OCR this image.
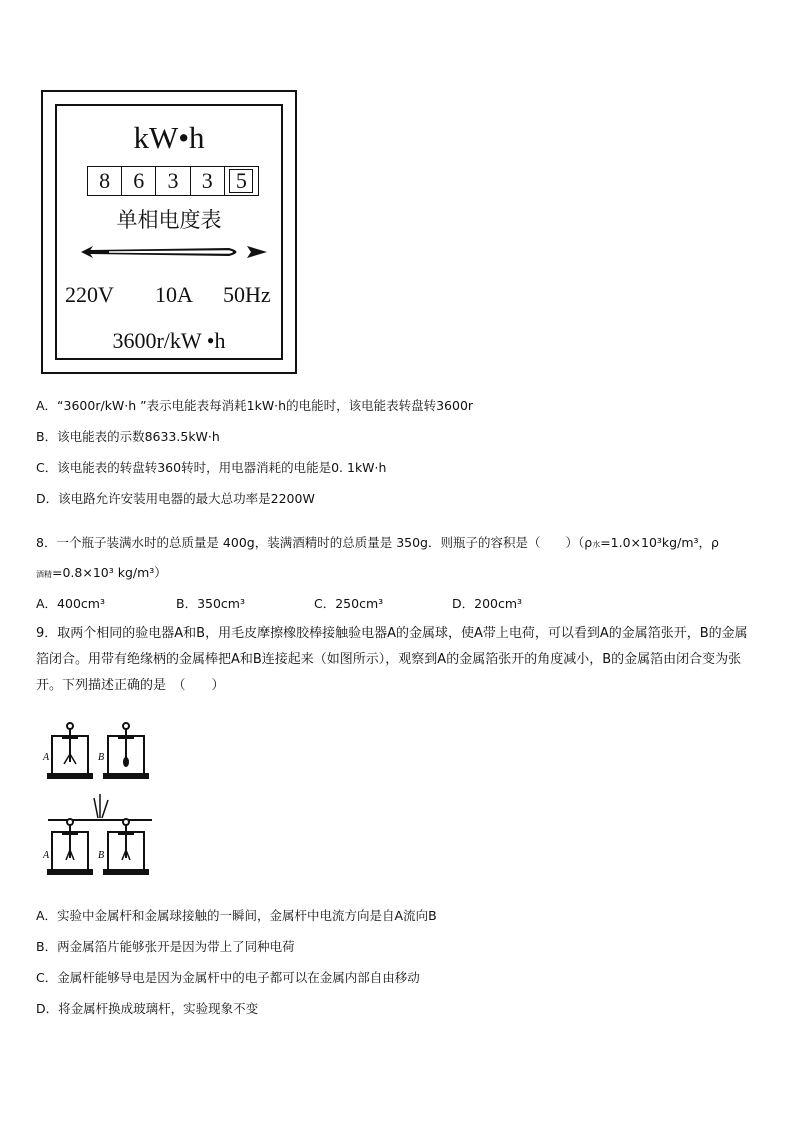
kW•h
8	6	3	3	5
单相电度表
220V 10A 50Hz
3600r/kW •h
A．“3600r/kW·h ”表示电能表每消耗1kW·h的电能时，该电能表转盘转3600r
B．该电能表的示数8633.5kW·h
C．该电能表的转盘转360转时，用电器消耗的电能是0. 1kW·h
D．该电路允许安装用电器的最大总功率是2200W
8．一个瓶子装满水时的总质量是 400g，装满酒精时的总质量是 350g．则瓶子的容积是（　　）（ρ水=1.0×10³kg/m³，ρ
酒精=0.8×10³ kg/m³）
A．400cm³	B．350cm³	C．250cm³	D．200cm³
9．取两个相同的验电器A和B，用毛皮摩擦橡胶棒接触验电器A的金属球，使A带上电荷，可以看到A的金属箔张开，B的金属箔闭合。用带有绝缘柄的金属棒把A和B连接起来（如图所示），观察到A的金属箔张开的角度减小，B的金属箔由闭合变为张开。下列描述正确的是　（　　）
A	B
A	B
A．实验中金属杆和金属球接触的一瞬间，金属杆中电流方向是自A流向B
B．两金属箔片能够张开是因为带上了同种电荷
C．金属杆能够导电是因为金属杆中的电子都可以在金属内部自由移动
D．将金属杆换成玻璃杆，实验现象不变
